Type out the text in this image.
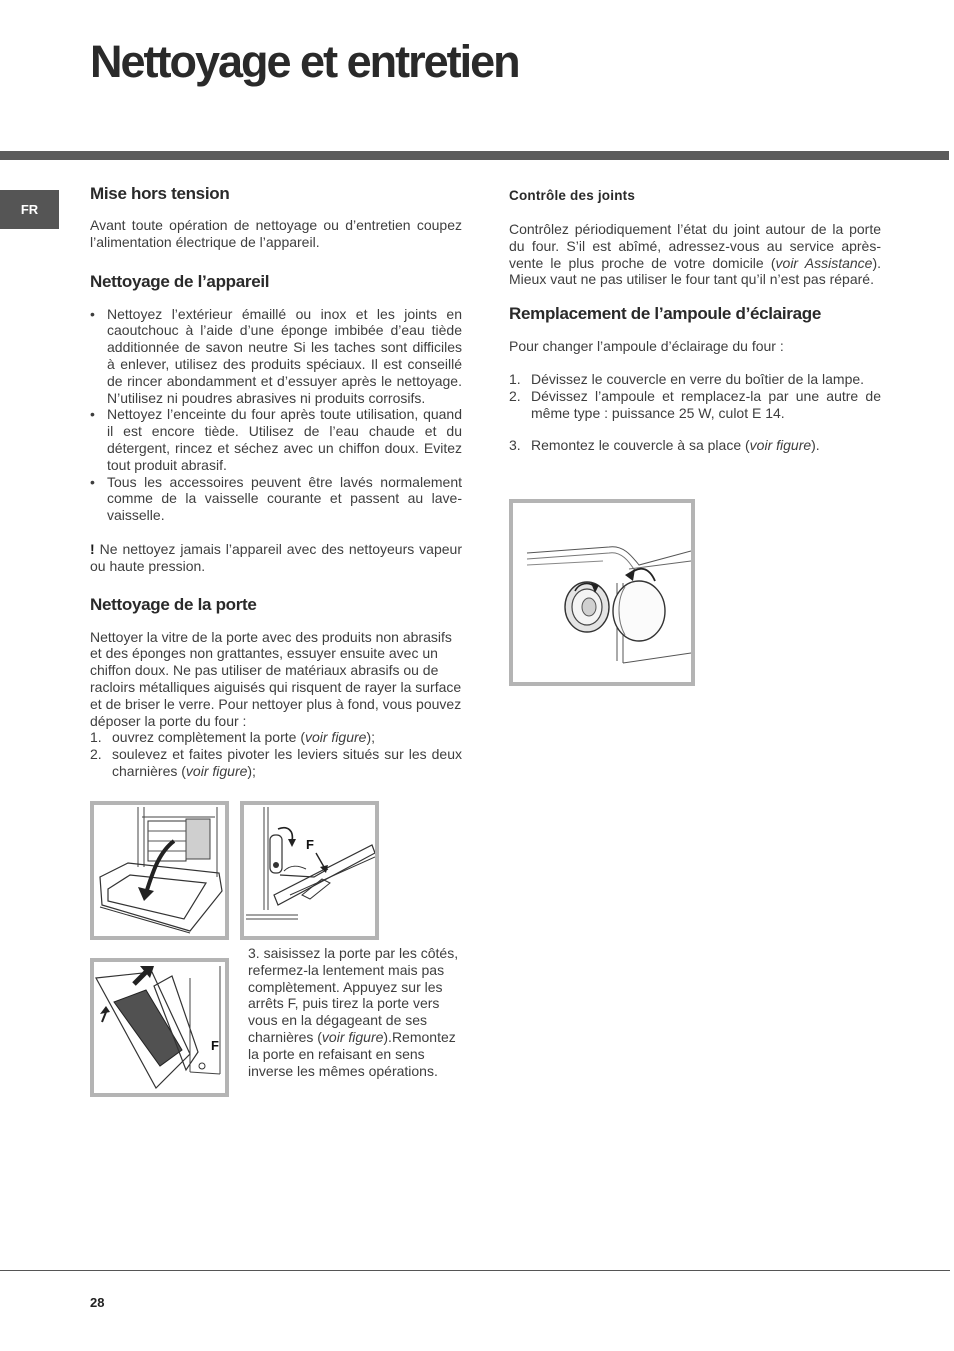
Nettoyage et entretien
FR
Mise hors tension

Avant toute opération de nettoyage ou d’entretien coupez l’alimentation électrique de l’appareil.

Nettoyage de l’appareil
• Nettoyez l’extérieur émaillé ou inox et les joints en caoutchouc à l’aide d’une éponge imbibée d’eau tiède additionnée de savon neutre Si les taches sont difficiles à enlever, utilisez des produits spéciaux. Il est conseillé de rincer abondamment et d’essuyer après le nettoyage. N’utilisez ni poudres abrasives ni produits corrosifs.
• Nettoyez l’enceinte du four après toute utilisation, quand il est encore tiède. Utilisez de l’eau chaude et du détergent, rincez et séchez avec un chiffon doux. Evitez tout produit abrasif.
• Tous les accessoires peuvent être lavés normalement comme de la vaisselle courante et passent au lave-vaisselle.

! Ne nettoyez jamais l’appareil avec des nettoyeurs vapeur ou haute pression.

Nettoyage de la porte

Nettoyer la vitre de la porte avec des produits non abrasifs et des éponges non grattantes, essuyer ensuite avec un chiffon doux. Ne pas utiliser de matériaux abrasifs ou de racloirs métalliques aiguisés qui risquent de rayer la surface et de briser le verre. Pour nettoyer plus à fond, vous pouvez déposer la porte du four :

1. ouvrez complètement la porte (voir figure);
2. soulevez et faites pivoter les leviers situés sur les deux charnières (voir figure);
F
F

3. saisissez la porte par les côtés, refermez-la lentement mais pas complètement. Appuyez sur les arrêts F, puis tirez la porte vers vous en la dégageant de ses charnières (voir figure).Remontez la porte en refaisant en sens inverse les mêmes opérations.

Contrôle des joints

Contrôlez périodiquement l’état du joint autour de la porte du four. S’il est abîmé, adressez-vous au service après-vente le plus proche de votre domicile (voir Assistance). Mieux vaut ne pas utiliser le four tant qu’il n’est pas réparé.

Remplacement de l’ampoule d’éclairage

Pour changer l’ampoule d’éclairage du four :

1. Dévissez le couvercle en verre du boîtier de la lampe.
2. Dévissez l’ampoule et remplacez-la par une autre de même type : puissance 25 W, culot E 14.
3. Remontez le couvercle à sa place (voir figure).
28
